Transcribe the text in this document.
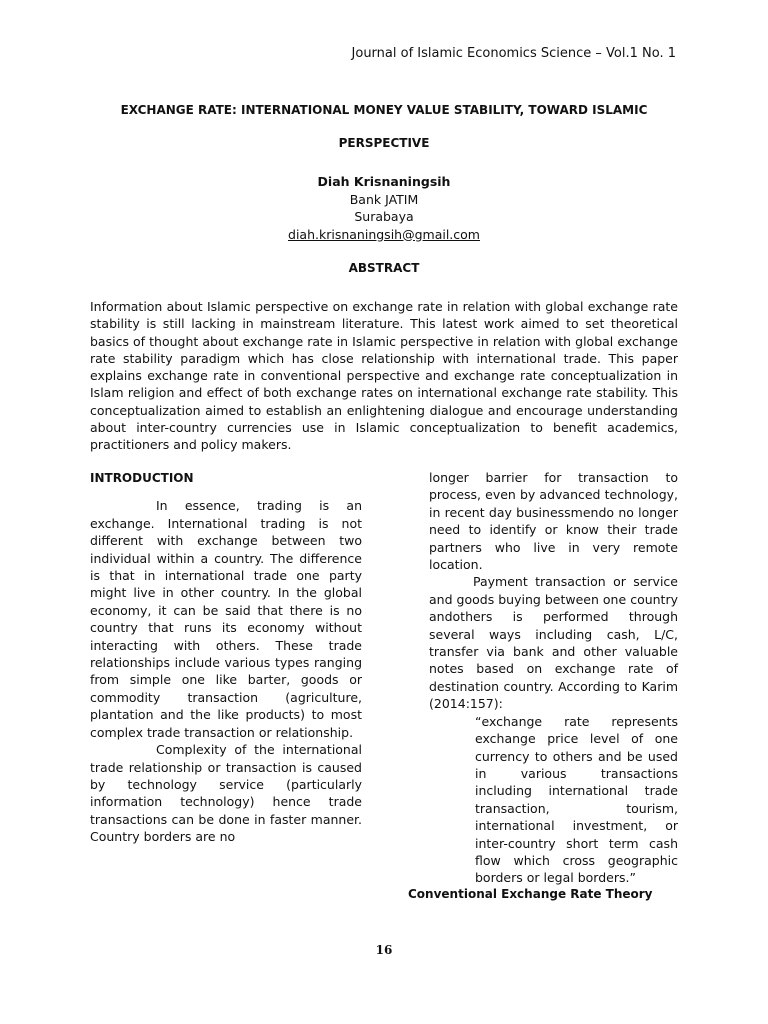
Journal of Islamic Economics Science – Vol.1 No. 1
EXCHANGE RATE: INTERNATIONAL MONEY VALUE STABILITY, TOWARD ISLAMIC
PERSPECTIVE
Diah Krisnaningsih
Bank JATIM
Surabaya
diah.krisnaningsih@gmail.com
ABSTRACT

Information about Islamic perspective on exchange rate in relation with global exchange rate stability is still lacking in mainstream literature. This latest work aimed to set theoretical basics of thought about exchange rate in Islamic perspective in relation with global exchange rate stability paradigm which has close relationship with international trade. This paper explains exchange rate in conventional perspective and exchange rate conceptualization in Islam religion and effect of both exchange rates on international exchange rate stability. This conceptualization aimed to establish an enlightening dialogue and encourage understanding about inter-country currencies use in Islamic conceptualization to benefit academics, practitioners and policy makers.

INTRODUCTION

In essence, trading is an exchange. International trading is not different with exchange between two individual within a country. The difference is that in international trade one party might live in other country. In the global economy, it can be said that there is no country that runs its economy without interacting with others. These trade relationships include various types ranging from simple one like barter, goods or commodity transaction (agriculture, plantation and the like products) to most complex trade transaction or relationship.

Complexity of the international trade relationship or transaction is caused by technology service (particularly information technology) hence trade transactions can be done in faster manner. Country borders are no

longer barrier for transaction to process, even by advanced technology, in recent day businessmendo no longer need to identify or know their trade partners who live in very remote location.

Payment transaction or service and goods buying between one country andothers is performed through several ways including cash, L/C, transfer via bank and other valuable notes based on exchange rate of destination country. According to Karim (2014:157):

“exchange rate represents exchange price level of one currency to others and be used in various transactions including international trade transaction, tourism, international investment, or inter-country short term cash flow which cross geographic borders or legal borders.”

Conventional Exchange Rate Theory
16
